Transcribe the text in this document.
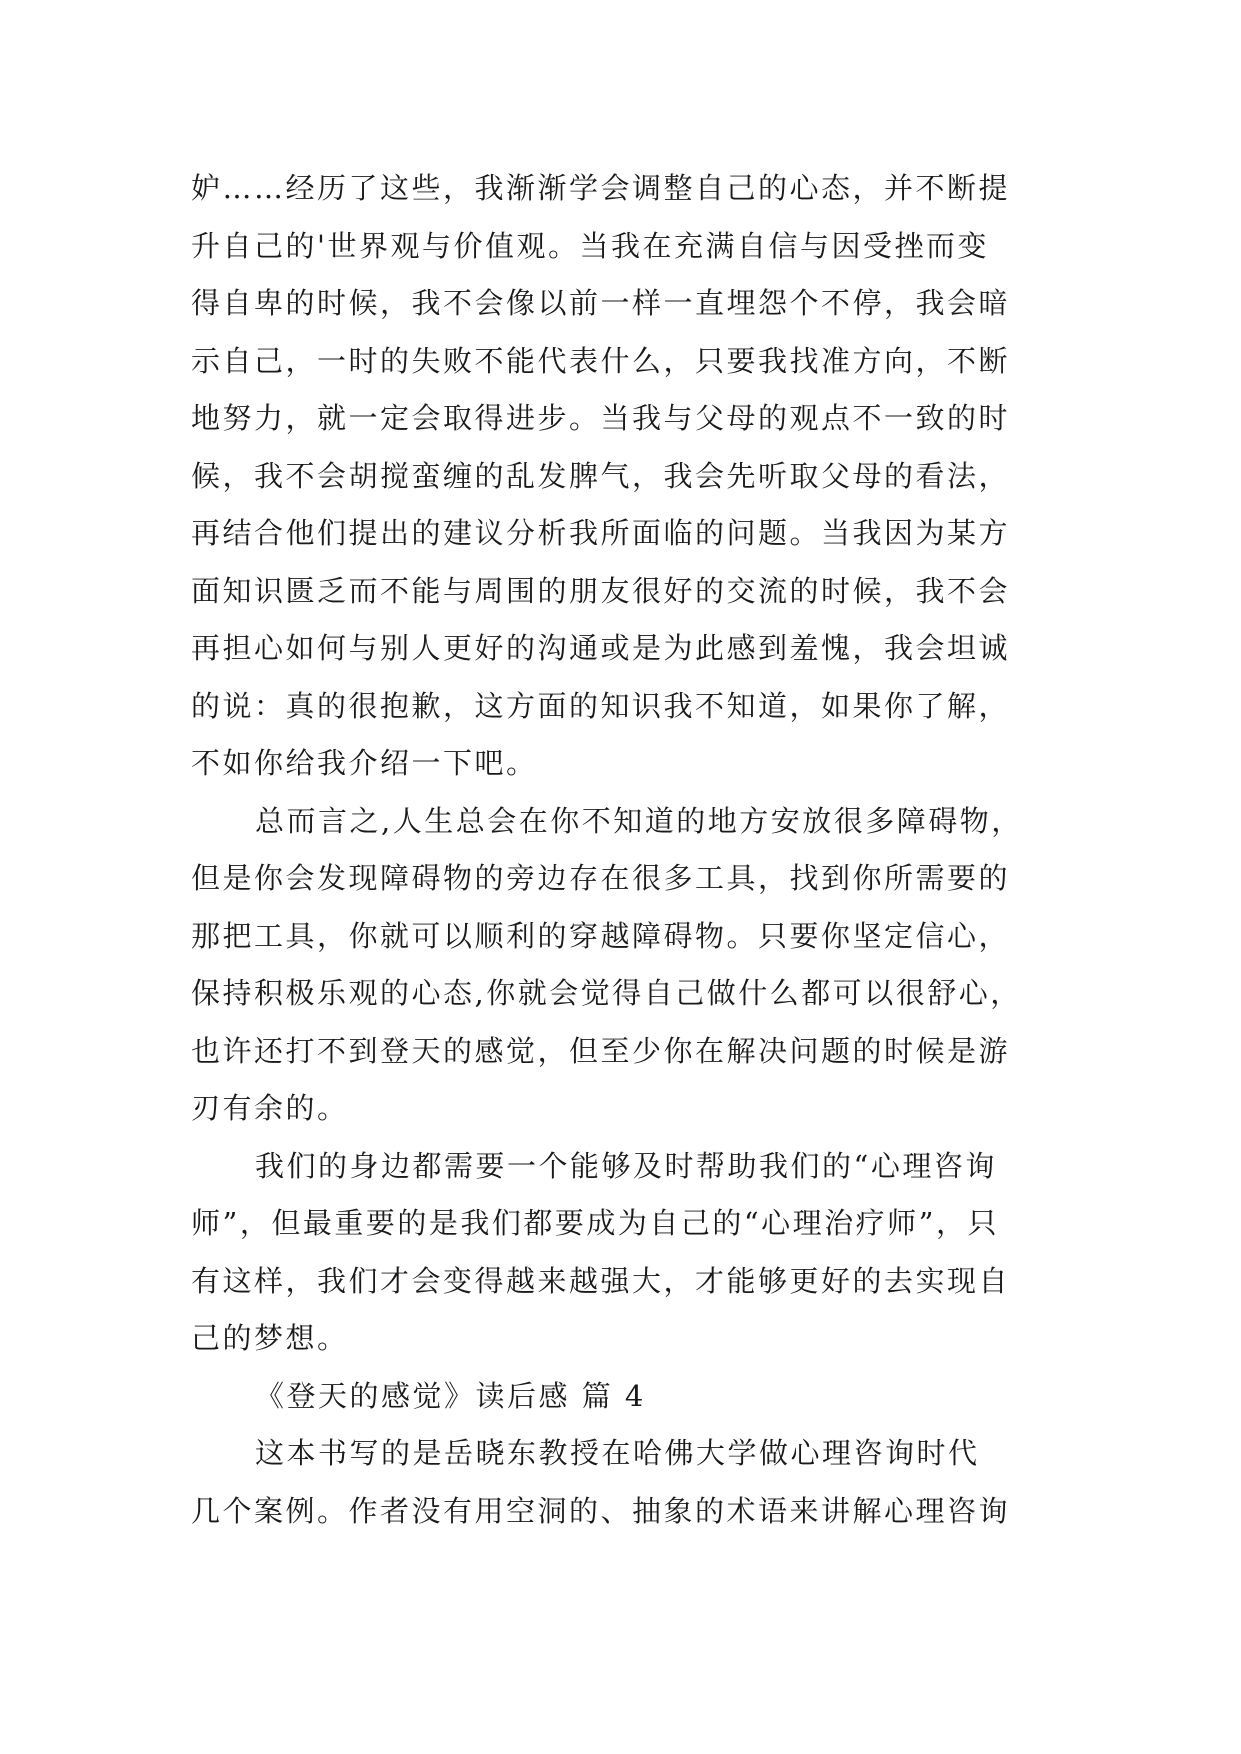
妒……经历了这些，我渐渐学会调整自己的心态，并不断提
升自己的'世界观与价值观。当我在充满自信与因受挫而变
得自卑的时候，我不会像以前一样一直埋怨个不停，我会暗
示自己，一时的失败不能代表什么，只要我找准方向，不断
地努力，就一定会取得进步。当我与父母的观点不一致的时
候，我不会胡搅蛮缠的乱发脾气，我会先听取父母的看法，
再结合他们提出的建议分析我所面临的问题。当我因为某方
面知识匮乏而不能与周围的朋友很好的交流的时候，我不会
再担心如何与别人更好的沟通或是为此感到羞愧，我会坦诚
的说：真的很抱歉，这方面的知识我不知道，如果你了解，
不如你给我介绍一下吧。
总而言之,人生总会在你不知道的地方安放很多障碍物，
但是你会发现障碍物的旁边存在很多工具，找到你所需要的
那把工具，你就可以顺利的穿越障碍物。只要你坚定信心，
保持积极乐观的心态,你就会觉得自己做什么都可以很舒心，
也许还打不到登天的感觉，但至少你在解决问题的时候是游
刃有余的。
我们的身边都需要一个能够及时帮助我们的“心理咨询
师”，但最重要的是我们都要成为自己的“心理治疗师”，只
有这样，我们才会变得越来越强大，才能够更好的去实现自
己的梦想。
《登天的感觉》读后感 篇 4
这本书写的是岳晓东教授在哈佛大学做心理咨询时代
几个案例。作者没有用空洞的、抽象的术语来讲解心理咨询
